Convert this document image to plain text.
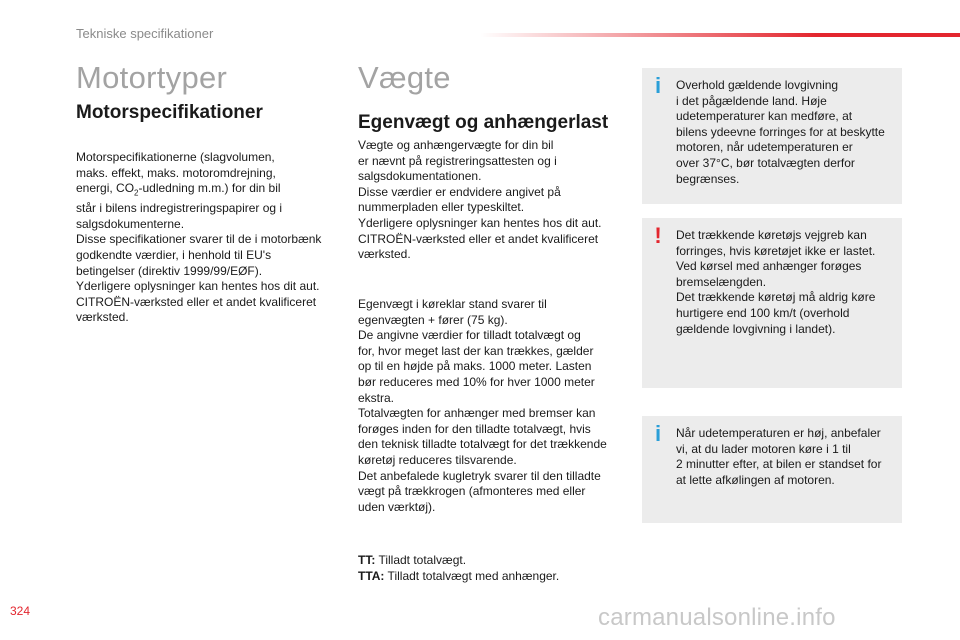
Tekniske specifikationer
Motortyper
Motorspecifikationer
Motorspecifikationerne (slagvolumen,
maks. effekt, maks. motoromdrejning,
energi, $CO_2$-udledning m.m.) for din bil
står i bilens indregistreringspapirer og i
salgsdokumenterne.
Disse specifikationer svarer til de i motorbænk
godkendte værdier, i henhold til EU's
betingelser (direktiv 1999/99/EØF).
Yderligere oplysninger kan hentes hos dit aut.
CITROËN-værksted eller et andet kvalificeret
værksted.
Vægte
Egenvægt og anhængerlast
Vægte og anhængervægte for din bil
er nævnt på registreringsattesten og i
salgsdokumentationen.
Disse værdier er endvidere angivet på
nummerpladen eller typeskiltet.
Yderligere oplysninger kan hentes hos dit aut.
CITROËN-værksted eller et andet kvalificeret
værksted.
Egenvægt i køreklar stand svarer til
egenvægten + fører (75 kg).
De angivne værdier for tilladt totalvægt og
for, hvor meget last der kan trækkes, gælder
op til en højde på maks. 1000 meter. Lasten
bør reduceres med 10% for hver 1000 meter
ekstra.
Totalvægten for anhænger med bremser kan
forøges inden for den tilladte totalvægt, hvis
den teknisk tilladte totalvægt for det trækkende
køretøj reduceres tilsvarende.
Det anbefalede kugletryk svarer til den tilladte
vægt på trækkrogen (afmonteres med eller
uden værktøj).
TT: Tilladt totalvægt.
TTA: Tilladt totalvægt med anhænger.
i Overhold gældende lovgivning
i det pågældende land. Høje
udetemperaturer kan medføre, at
bilens ydeevne forringes for at beskytte
motoren, når udetemperaturen er
over 37°C, bør totalvægten derfor
begrænses.
! Det trækkende køretøjs vejgreb kan
forringes, hvis køretøjet ikke er lastet.
Ved kørsel med anhænger forøges
bremselængden.
Det trækkende køretøj må aldrig køre
hurtigere end 100 km/t (overhold
gældende lovgivning i landet).
i Når udetemperaturen er høj, anbefaler
vi, at du lader motoren køre i 1 til
2 minutter efter, at bilen er standset for
at lette afkølingen af motoren.
324	carmanualsonline.info
